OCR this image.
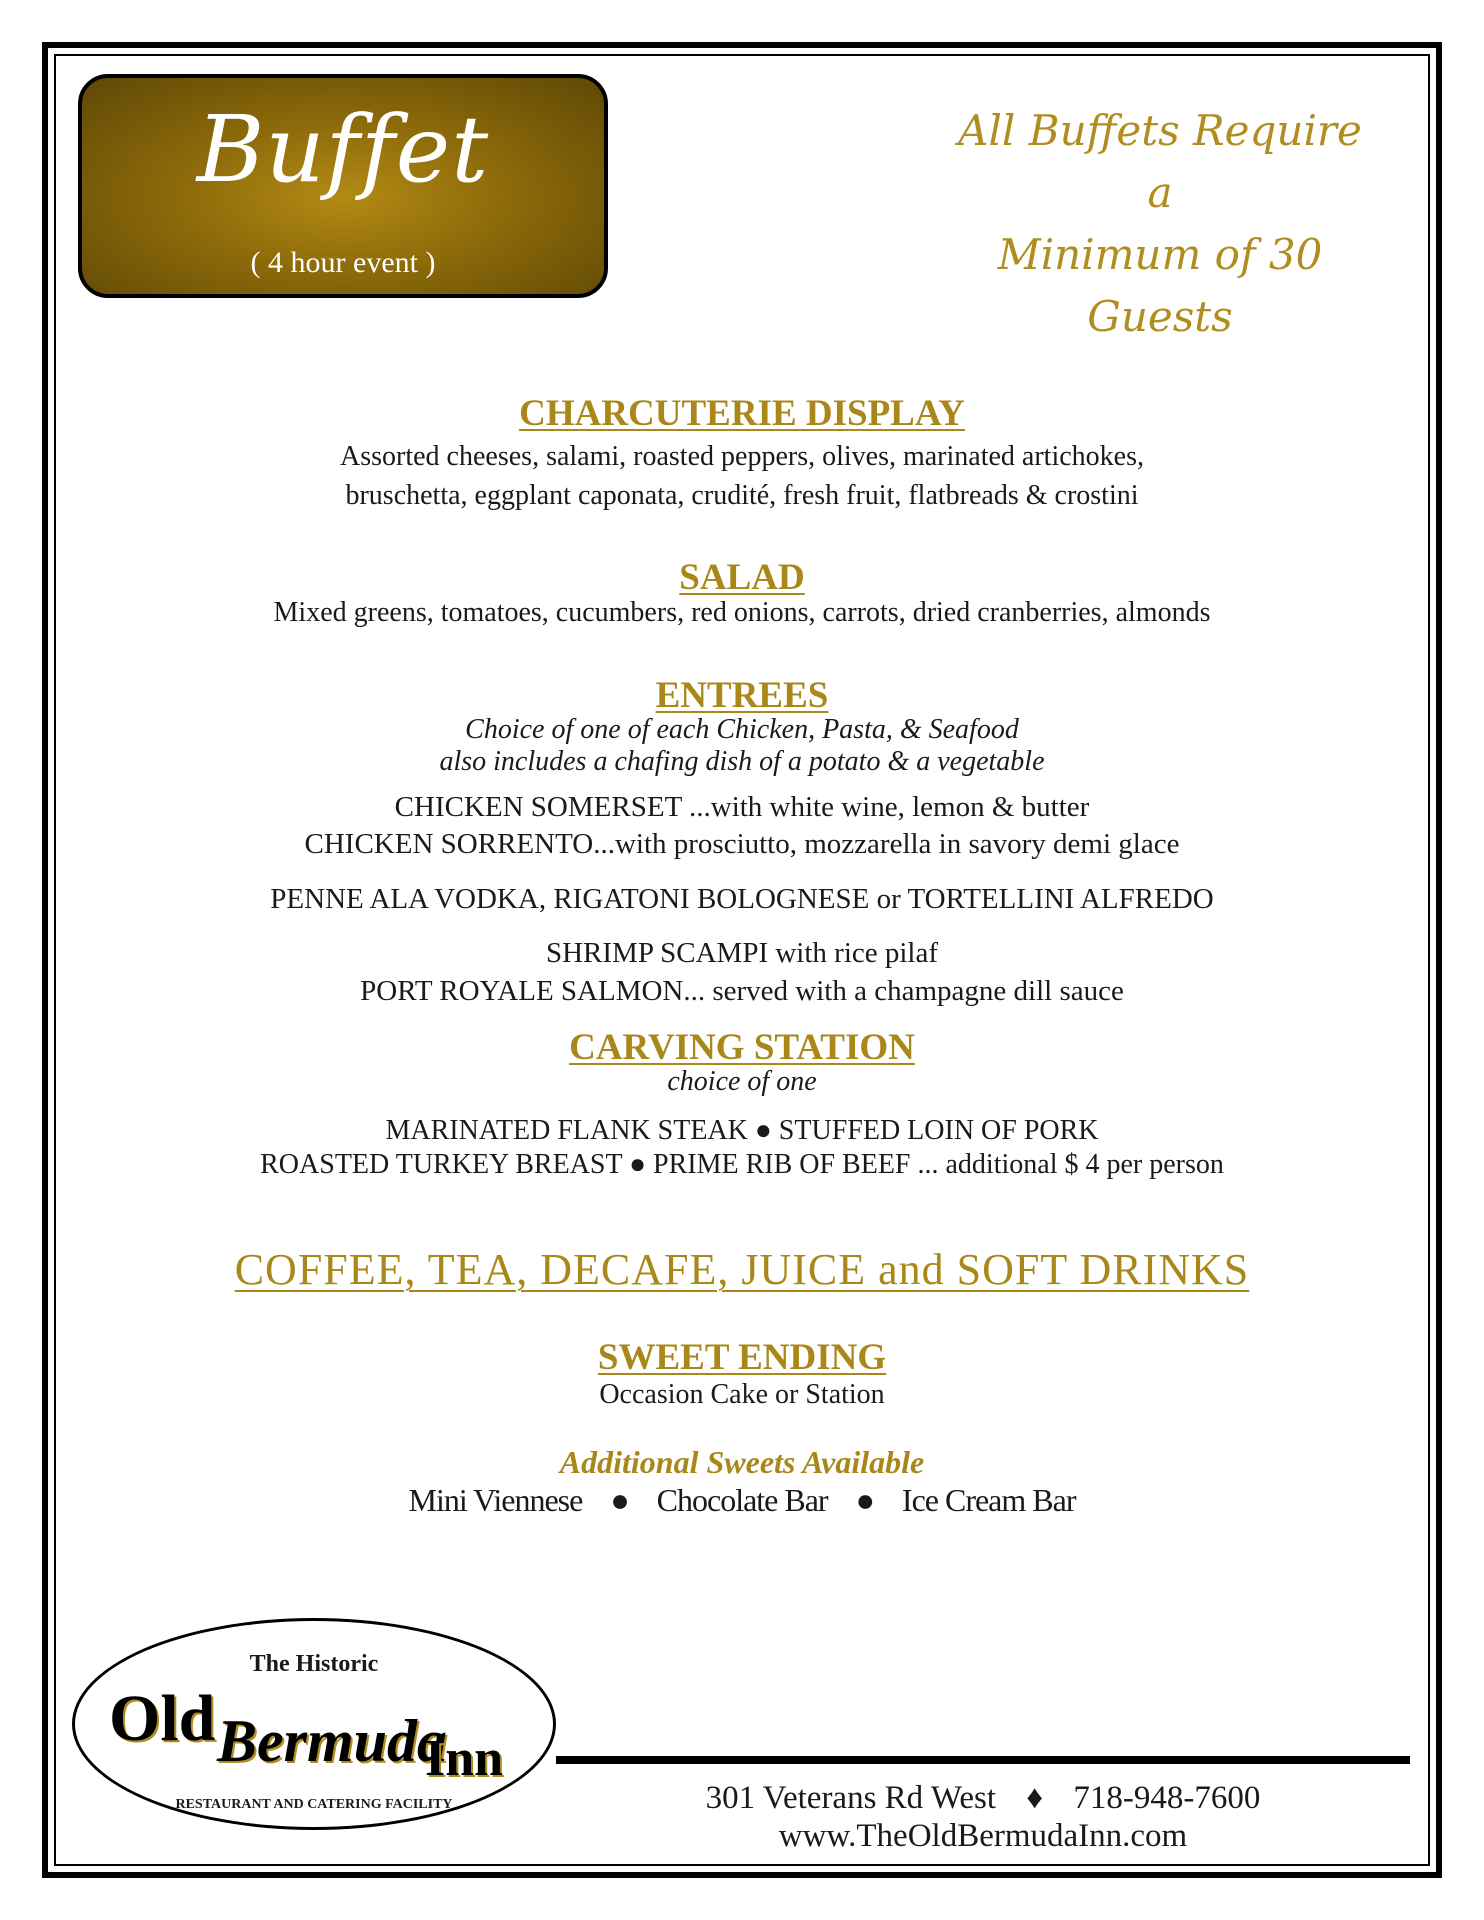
Buffet
( 4 hour event )
All Buffets Require a
Minimum of 30 Guests
CHARCUTERIE DISPLAY
Assorted cheeses, salami, roasted peppers, olives, marinated artichokes,
bruschetta, eggplant caponata, crudité, fresh fruit, flatbreads & crostini
SALAD
Mixed greens, tomatoes, cucumbers, red onions, carrots, dried cranberries, almonds
ENTREES
Choice of one of each Chicken, Pasta, & Seafood
also includes a chafing dish of a potato & a vegetable
CHICKEN SOMERSET ...with white wine, lemon & butter
CHICKEN SORRENTO...with prosciutto, mozzarella in savory demi glace
PENNE ALA VODKA, RIGATONI BOLOGNESE or TORTELLINI ALFREDO
SHRIMP SCAMPI with rice pilaf
PORT ROYALE SALMON... served with a champagne dill sauce
CARVING STATION
choice of one
MARINATED FLANK STEAK ● STUFFED LOIN OF PORK
ROASTED TURKEY BREAST ● PRIME RIB OF BEEF ... additional $ 4 per person
COFFEE, TEA, DECAFE, JUICE and SOFT DRINKS
SWEET ENDING
Occasion Cake or Station
Additional Sweets Available
Mini Viennese ● Chocolate Bar ● Ice Cream Bar
The Historic
Old Bermuda
Inn
RESTAURANT AND CATERING FACILITY	301 Veterans Rd West ♦ 718-948-7600
www.TheOldBermudaInn.com
